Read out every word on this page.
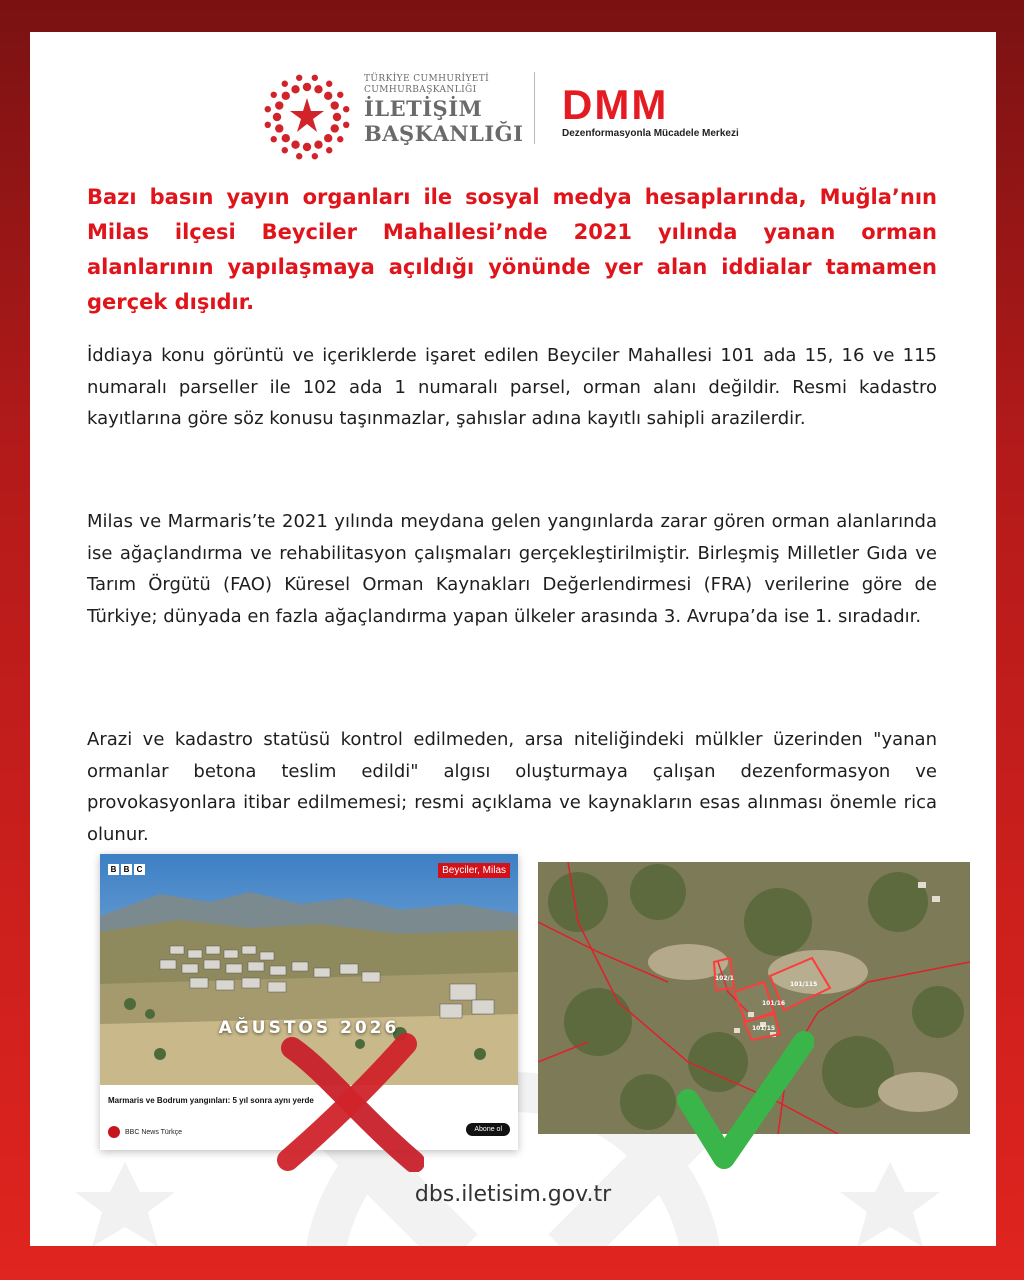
TÜRKİYE CUMHURİYETİ
CUMHURBAŞKANLIĞI
İLETİŞİM
BAŞKANLIĞI
DMM
Dezenformasyonla Mücadele Merkezi

Bazı basın yayın organları ile sosyal medya hesaplarında, Muğla’nın Milas ilçesi Beyciler Mahallesi’nde 2021 yılında yanan orman alanlarının yapılaşmaya açıldığı yönünde yer alan iddialar tamamen gerçek dışıdır.

İddiaya konu görüntü ve içeriklerde işaret edilen Beyciler Mahallesi 101 ada 15, 16 ve 115 numaralı parseller ile 102 ada 1 numaralı parsel, orman alanı değildir. Resmi kadastro kayıtlarına göre söz konusu taşınmazlar, şahıslar adına kayıtlı sahipli arazilerdir.

Milas ve Marmaris’te 2021 yılında meydana gelen yangınlarda zarar gören orman alanlarında ise ağaçlandırma ve rehabilitasyon çalışmaları gerçekleştirilmiştir. Birleşmiş Milletler Gıda ve Tarım Örgütü (FAO) Küresel Orman Kaynakları Değerlendirmesi (FRA) verilerine göre de Türkiye; dünyada en fazla ağaçlandırma yapan ülkeler arasında 3. Avrupa’da ise 1. sıradadır.

Arazi ve kadastro statüsü kontrol edilmeden, arsa niteliğindeki mülkler üzerinden "yanan ormanlar betona teslim edildi" algısı oluşturmaya çalışan dezenformasyon ve provokasyonlara itibar edilmemesi; resmi açıklama ve kaynakların esas alınması önemle rica olunur.

B B C	Beyciler, Milas
AĞUSTOS 2026
Marmaris ve Bodrum yangınları: 5 yıl sonra aynı yerde
BBC News Türkçe	Abone ol
102/1
101/16
101/115
101/15
dbs.iletisim.gov.tr
